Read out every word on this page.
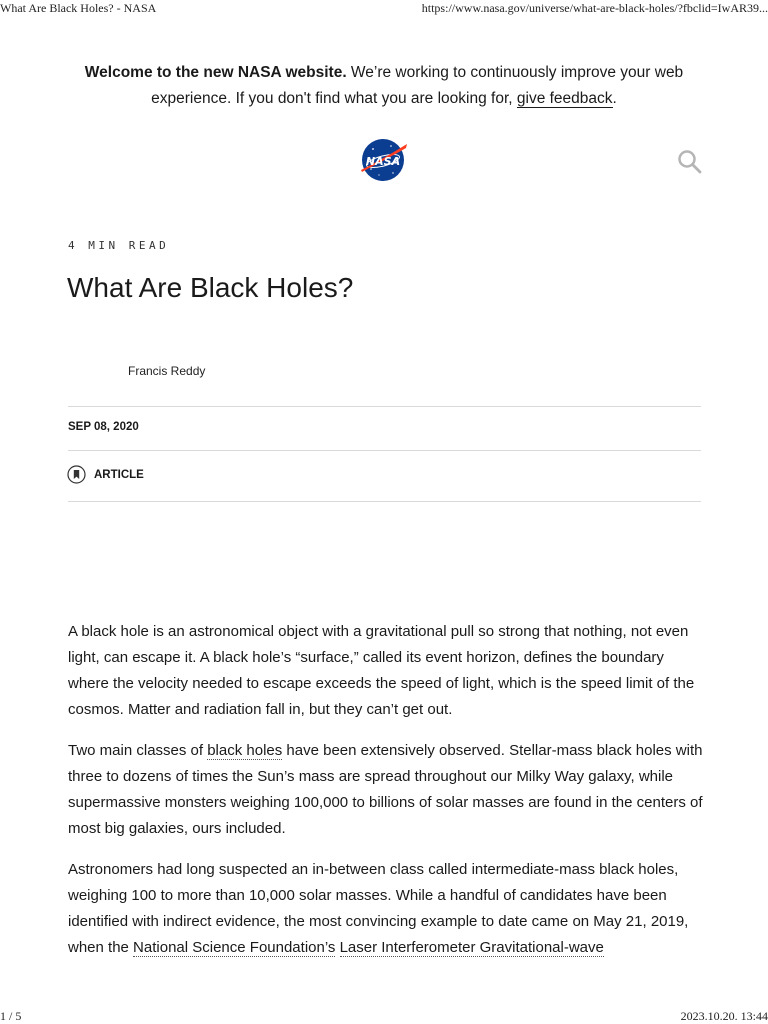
What Are Black Holes? - NASA	https://www.nasa.gov/universe/what-are-black-holes/?fbclid=IwAR39...
Welcome to the new NASA website. We’re working to continuously improve your web experience. If you don't find what you are looking for, give feedback.
NASA
4 MIN READ
What Are Black Holes?
Francis Reddy
SEP 08, 2020
ARTICLE

A black hole is an astronomical object with a gravitational pull so strong that nothing, not even light, can escape it. A black hole’s “surface,” called its event horizon, defines the boundary where the velocity needed to escape exceeds the speed of light, which is the speed limit of the cosmos. Matter and radiation fall in, but they can’t get out.

Two main classes of black holes have been extensively observed. Stellar-mass black holes with three to dozens of times the Sun’s mass are spread throughout our Milky Way galaxy, while supermassive monsters weighing 100,000 to billions of solar masses are found in the centers of most big galaxies, ours included.

Astronomers had long suspected an in-between class called intermediate-mass black holes, weighing 100 to more than 10,000 solar masses. While a handful of candidates have been identified with indirect evidence, the most convincing example to date came on May 21, 2019, when the National Science Foundation’s Laser Interferometer Gravitational-wave

1 / 5	2023.10.20. 13:44
